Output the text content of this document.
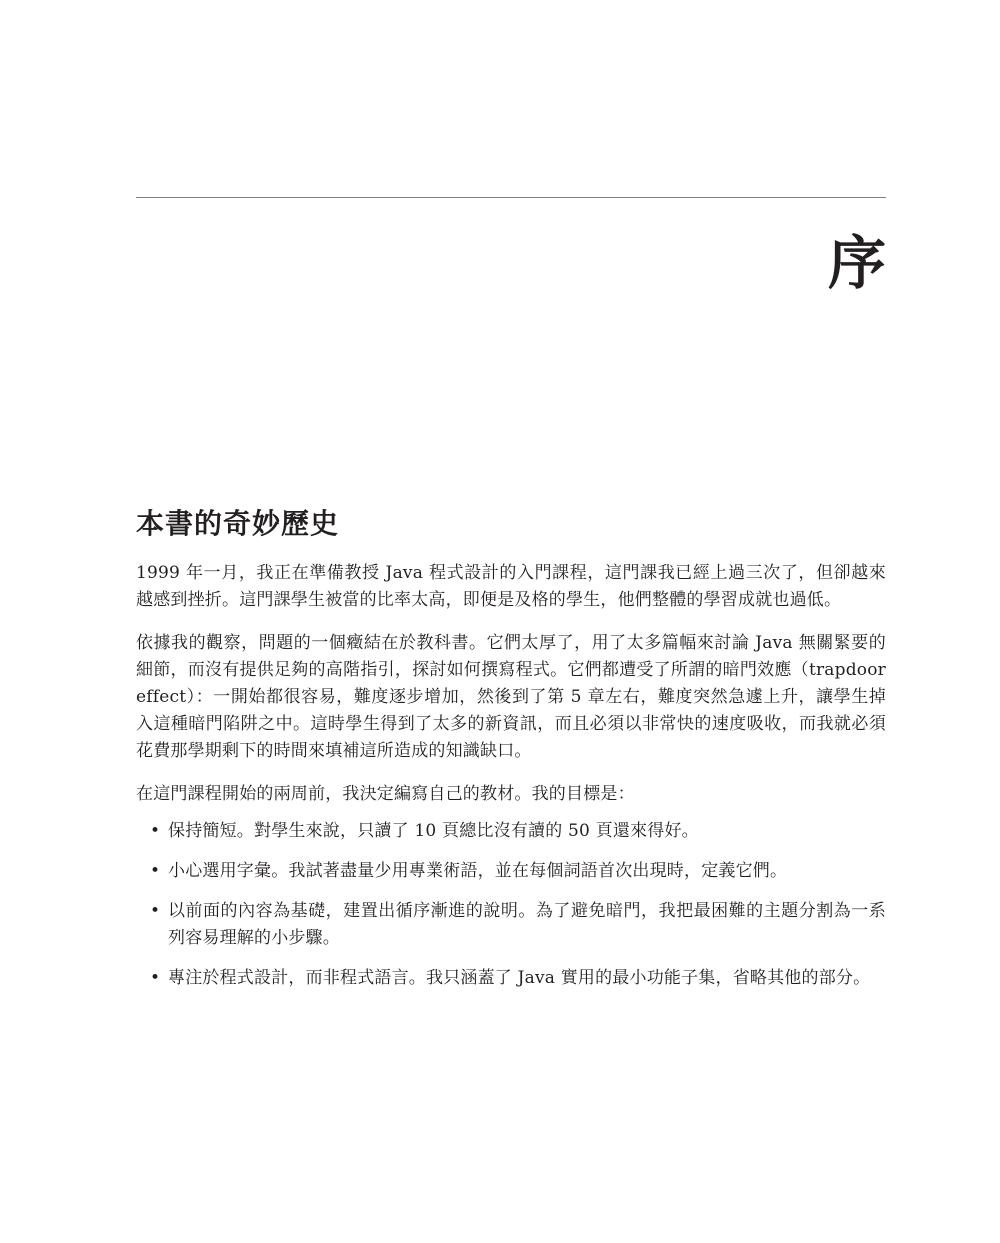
序
本書的奇妙歷史

1999 年一月，我正在準備教授 Java 程式設計的入門課程，這門課我已經上過三次了，但卻越來越感到挫折。這門課學生被當的比率太高，即便是及格的學生，他們整體的學習成就也過低。

依據我的觀察，問題的一個癥結在於教科書。它們太厚了，用了太多篇幅來討論 Java 無關緊要的細節，而沒有提供足夠的高階指引，探討如何撰寫程式。它們都遭受了所謂的暗門效應（trapdoor effect）：一開始都很容易，難度逐步增加，然後到了第 5 章左右，難度突然急遽上升，讓學生掉入這種暗門陷阱之中。這時學生得到了太多的新資訊，而且必須以非常快的速度吸收，而我就必須花費那學期剩下的時間來填補這所造成的知識缺口。

在這門課程開始的兩周前，我決定編寫自己的教材。我的目標是：

• 保持簡短。對學生來說，只讀了 10 頁總比沒有讀的 50 頁還來得好。
• 小心選用字彙。我試著盡量少用專業術語，並在每個詞語首次出現時，定義它們。
• 以前面的內容為基礎，建置出循序漸進的說明。為了避免暗門，我把最困難的主題分割為一系列容易理解的小步驟。
• 專注於程式設計，而非程式語言。我只涵蓋了 Java 實用的最小功能子集，省略其他的部分。
